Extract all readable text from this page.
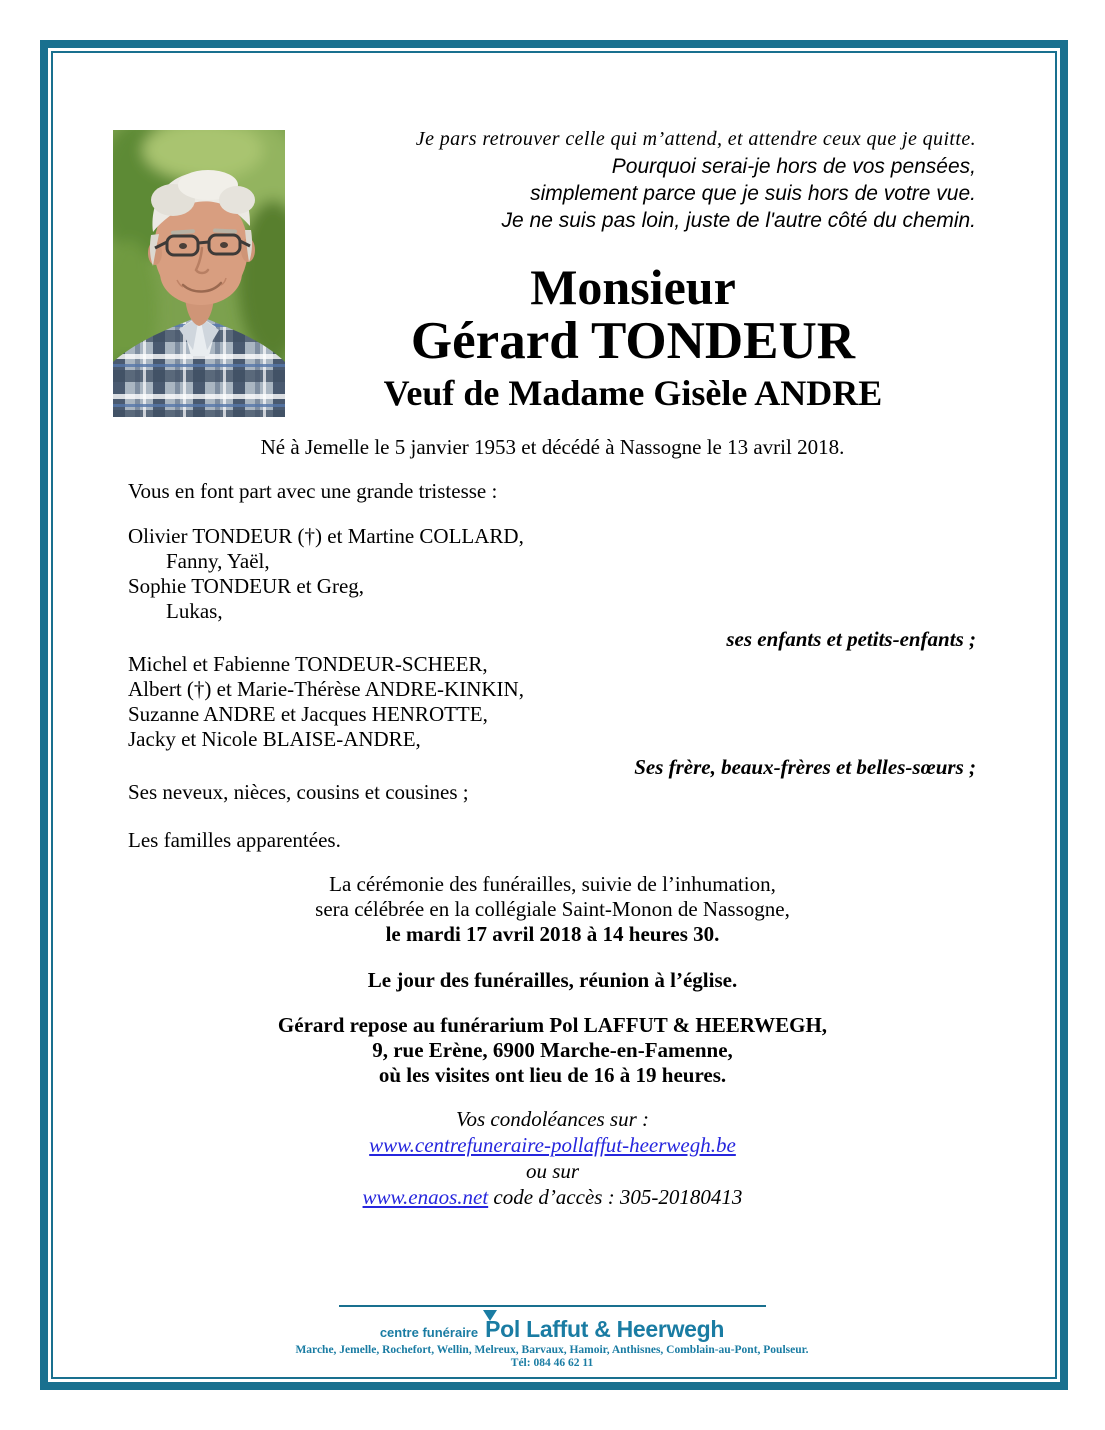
Je pars retrouver celle qui m’attend, et attendre ceux que je quitte.
Pourquoi serai-je hors de vos pensées,
simplement parce que je suis hors de votre vue.
Je ne suis pas loin, juste de l'autre côté du chemin.
Monsieur
Gérard TONDEUR
Veuf de Madame Gisèle ANDRE
Né à Jemelle le 5 janvier 1953 et décédé à Nassogne le 13 avril 2018.
Vous en font part avec une grande tristesse :
Olivier TONDEUR (†) et Martine COLLARD,
Fanny, Yaël,
Sophie TONDEUR et Greg,
Lukas,
ses enfants et petits-enfants ;
Michel et Fabienne TONDEUR-SCHEER,
Albert (†) et Marie-Thérèse ANDRE-KINKIN,
Suzanne ANDRE et Jacques HENROTTE,
Jacky et Nicole BLAISE-ANDRE,
Ses frère, beaux-frères et belles-sœurs ;
Ses neveux, nièces, cousins et cousines ;
Les familles apparentées.
La cérémonie des funérailles, suivie de l’inhumation,
sera célébrée en la collégiale Saint-Monon de Nassogne,
le mardi 17 avril 2018 à 14 heures 30.
Le jour des funérailles, réunion à l’église.
Gérard repose au funérarium Pol LAFFUT & HEERWEGH,
9, rue Erène, 6900 Marche-en-Famenne,
où les visites ont lieu de 16 à 19 heures.
Vos condoléances sur :
www.centrefuneraire-pollaffut-heerwegh.be
ou sur
www.enaos.net code d’accès : 305-20180413
centre funéraire Pol Laffut & Heerwegh
Marche, Jemelle, Rochefort, Wellin, Melreux, Barvaux, Hamoir, Anthisnes, Comblain-au-Pont, Poulseur.
Tél: 084 46 62 11
